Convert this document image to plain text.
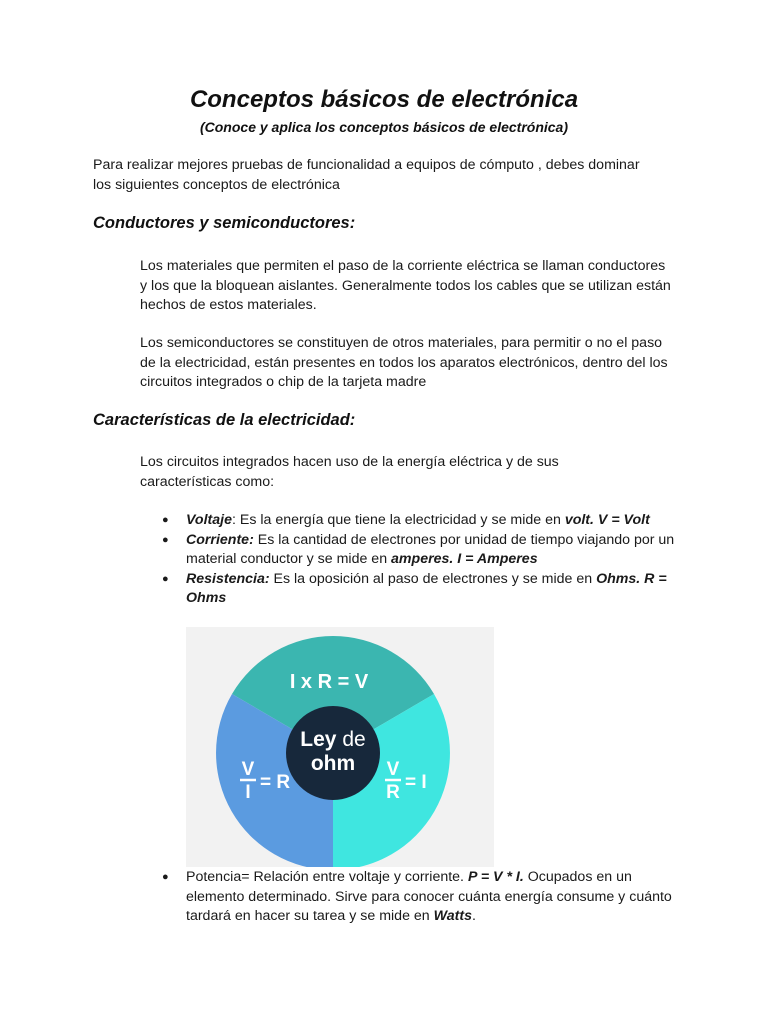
Conceptos básicos de electrónica

(Conoce y aplica los conceptos básicos de electrónica)

Para realizar mejores pruebas de funcionalidad a equipos de cómputo , debes dominar los siguientes conceptos de electrónica

Conductores y semiconductores:

Los materiales que permiten el paso de la corriente eléctrica se llaman conductores y los que la bloquean aislantes. Generalmente todos los cables que se utilizan están hechos de estos materiales.

Los semiconductores se constituyen de otros materiales, para permitir o no el paso de la electricidad, están presentes en todos los aparatos electrónicos, dentro del los circuitos integrados o chip de la tarjeta madre

Características de la electricidad:

Los circuitos integrados hacen uso de la energía eléctrica y de sus características como:

● Voltaje: Es la energía que tiene la electricidad y se mide en volt. V = Volt
● Corriente: Es la cantidad de electrones por unidad de tiempo viajando por un material conductor y se mide en amperes. I = Amperes
● Resistencia: Es la oposición al paso de electrones y se mide en Ohms. R = Ohms
Ley de
ohm
I x R = V
V
I = R
V
R = I
● Potencia= Relación entre voltaje y corriente. P = V * I. Ocupados en un elemento determinado. Sirve para conocer cuánta energía consume y cuánto tardará en hacer su tarea y se mide en Watts.
